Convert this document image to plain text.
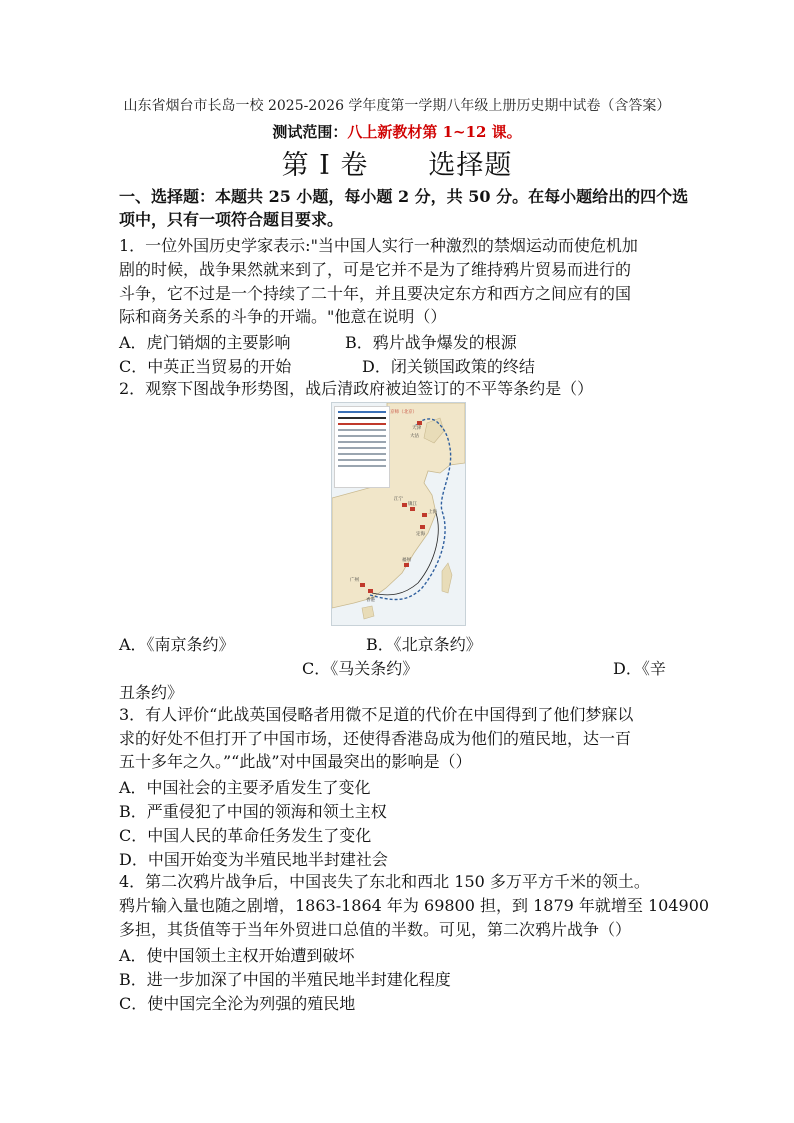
山东省烟台市长岛一校 2025-2026 学年度第一学期八年级上册历史期中试卷（含答案）
测试范围：八上新教材第 1~12 课。
第 I 卷 选择题
一、选择题：本题共 25 小题，每小题 2 分，共 50 分。在每小题给出的四个选
项中，只有一项符合题目要求。
1．一位外国历史学家表示:"当中国人实行一种激烈的禁烟运动而使危机加
剧的时候，战争果然就来到了，可是它并不是为了维持鸦片贸易而进行的
斗争，它不过是一个持续了二十年，并且要决定东方和西方之间应有的国
际和商务关系的斗争的开端。"他意在说明（）
A．虎门销烟的主要影响	B．鸦片战争爆发的根源
C．中英正当贸易的开始	D．闭关锁国政策的终结
2．观察下图战争形势图，战后清政府被迫签订的不平等条约是（）
京师（北京）
天津
大沽
江宁
镇江
上海
定海
福州
广州
香港
A．《南京条约》	B．《北京条约》
C．《马关条约》	D．《辛
丑条约》
3．有人评价“此战英国侵略者用微不足道的代价在中国得到了他们梦寐以
求的好处不但打开了中国市场，还使得香港岛成为他们的殖民地，达一百
五十多年之久。”“此战”对中国最突出的影响是（）
A．中国社会的主要矛盾发生了变化
B．严重侵犯了中国的领海和领土主权
C．中国人民的革命任务发生了变化
D．中国开始变为半殖民地半封建社会
4．第二次鸦片战争后，中国丧失了东北和西北 150 多万平方千米的领土。
鸦片输入量也随之剧增，1863-1864 年为 69800 担，到 1879 年就增至 104900
多担，其货值等于当年外贸进口总值的半数。可见，第二次鸦片战争（）
A．使中国领土主权开始遭到破坏
B．进一步加深了中国的半殖民地半封建化程度
C．使中国完全沦为列强的殖民地
